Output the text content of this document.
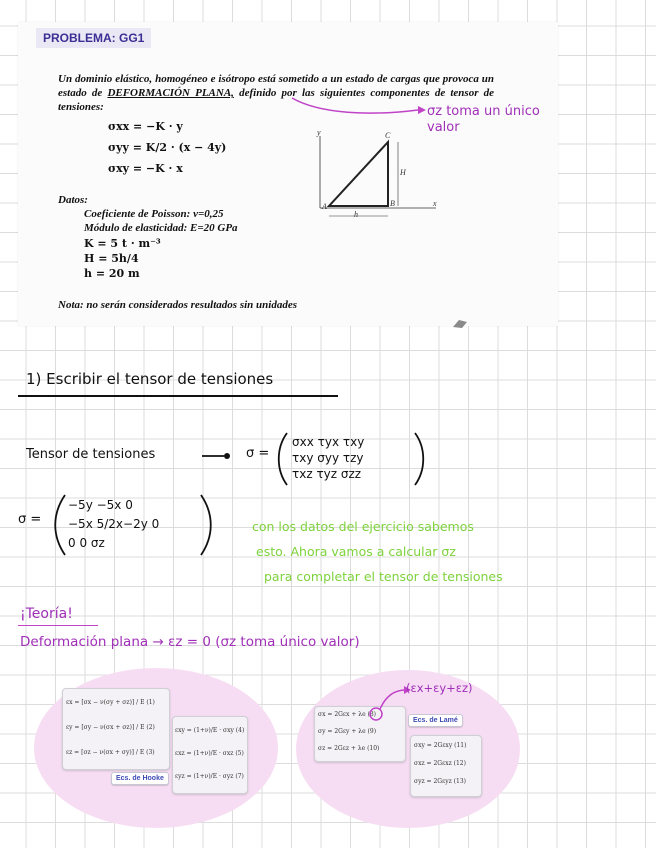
PROBLEMA: GG1
Un dominio elástico, homogéneo e isótropo está sometido a un estado de cargas que provoca un estado de DEFORMACIÓN PLANA, definido por las siguientes componentes de tensor de tensiones:
σxx = −K · y
σyy = K/2 · (x − 4y)
σxy = −K · x
y	C
H
A	B	x
h
Datos:
Coeficiente de Poisson: ν=0,25
Módulo de elasticidad: E=20 GPa
K = 5 t · m⁻³
H = 5h/4
h = 20 m
Nota: no serán considerados resultados sin unidades
σz toma un único valor
1) Escribir el tensor de tensiones
Tensor de tensiones	σ =
σxx τyx τxy
τxy σyy τzy
τxz τyz σzz
σ =
−5y −5x 0
−5x 5/2x−2y 0
0 0 σz
con los datos del ejercicio sabemos
esto. Ahora vamos a calcular σz
para completar el tensor de tensiones
¡Teoría!
Deformación plana → εz = 0 (σz toma único valor)
εx = [σx − ν(σy + σz)] / E (1)
εy = [σy − ν(σx + σz)] / E (2)
εz = [σz − ν(σx + σy)] / E (3)
εxy = (1+ν)/E · σxy (4)
εxz = (1+ν)/E · σxz (5)
εyz = (1+ν)/E · σyz (7)
Ecs. de Hooke
σx = 2Gεx + λe (8)
σy = 2Gεy + λe (9)
σz = 2Gεz + λe (10)
Ecs. de Lamé
σxy = 2Gεxy (11)
σxz = 2Gεxz (12)
σyz = 2Gεyz (13)
(εx+εy+εz)
